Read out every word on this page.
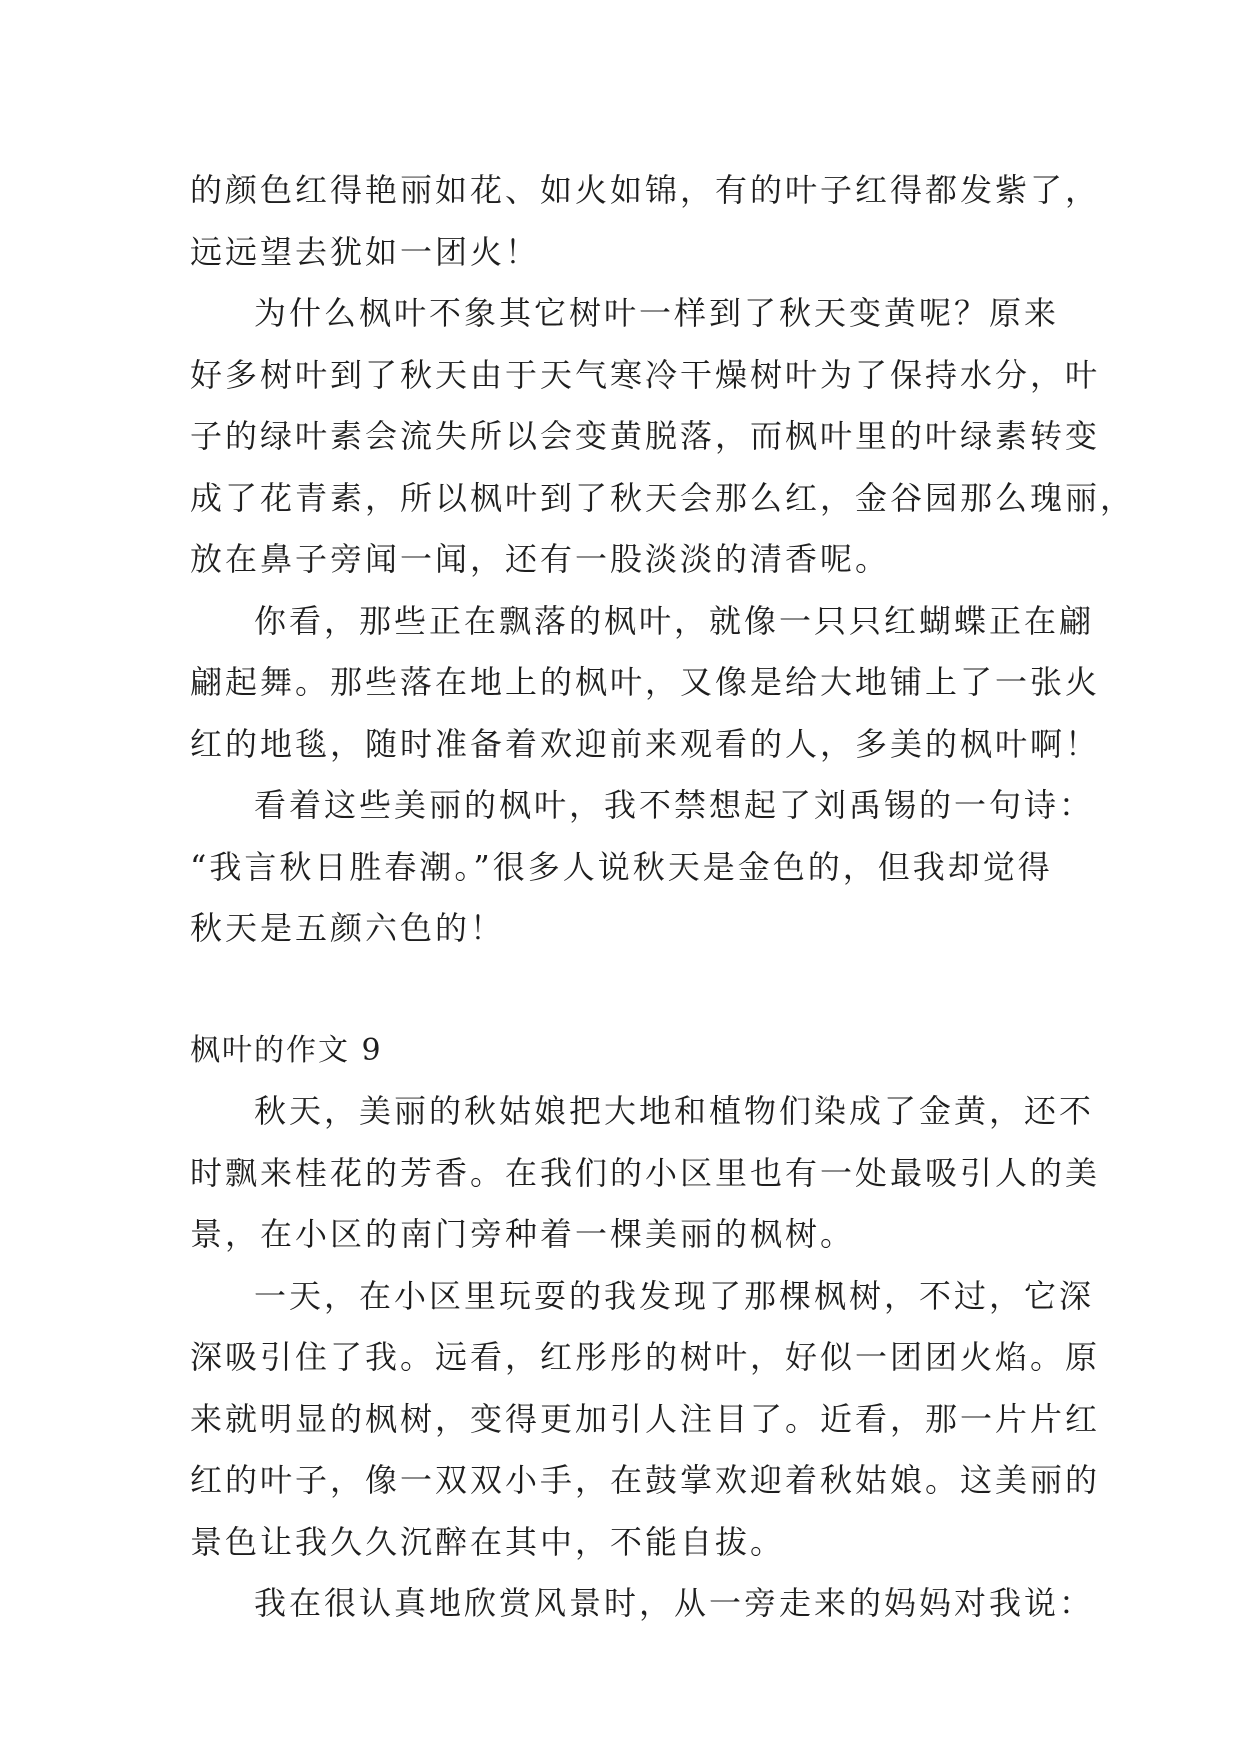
的颜色红得艳丽如花、如火如锦，有的叶子红得都发紫了，
远远望去犹如一团火！
为什么枫叶不象其它树叶一样到了秋天变黄呢？原来
好多树叶到了秋天由于天气寒冷干燥树叶为了保持水分，叶
子的绿叶素会流失所以会变黄脱落，而枫叶里的叶绿素转变
成了花青素，所以枫叶到了秋天会那么红，金谷园那么瑰丽，
放在鼻子旁闻一闻，还有一股淡淡的清香呢。
你看，那些正在飘落的枫叶，就像一只只红蝴蝶正在翩
翩起舞。那些落在地上的枫叶，又像是给大地铺上了一张火
红的地毯，随时准备着欢迎前来观看的人，多美的枫叶啊！
看着这些美丽的枫叶，我不禁想起了刘禹锡的一句诗：
“我言秋日胜春潮。”很多人说秋天是金色的，但我却觉得
秋天是五颜六色的！
枫叶的作文 9
秋天，美丽的秋姑娘把大地和植物们染成了金黄，还不
时飘来桂花的芳香。在我们的小区里也有一处最吸引人的美
景，在小区的南门旁种着一棵美丽的枫树。
一天，在小区里玩耍的我发现了那棵枫树，不过，它深
深吸引住了我。远看，红彤彤的树叶，好似一团团火焰。原
来就明显的枫树，变得更加引人注目了。近看，那一片片红
红的叶子，像一双双小手，在鼓掌欢迎着秋姑娘。这美丽的
景色让我久久沉醉在其中，不能自拔。
我在很认真地欣赏风景时，从一旁走来的妈妈对我说：
